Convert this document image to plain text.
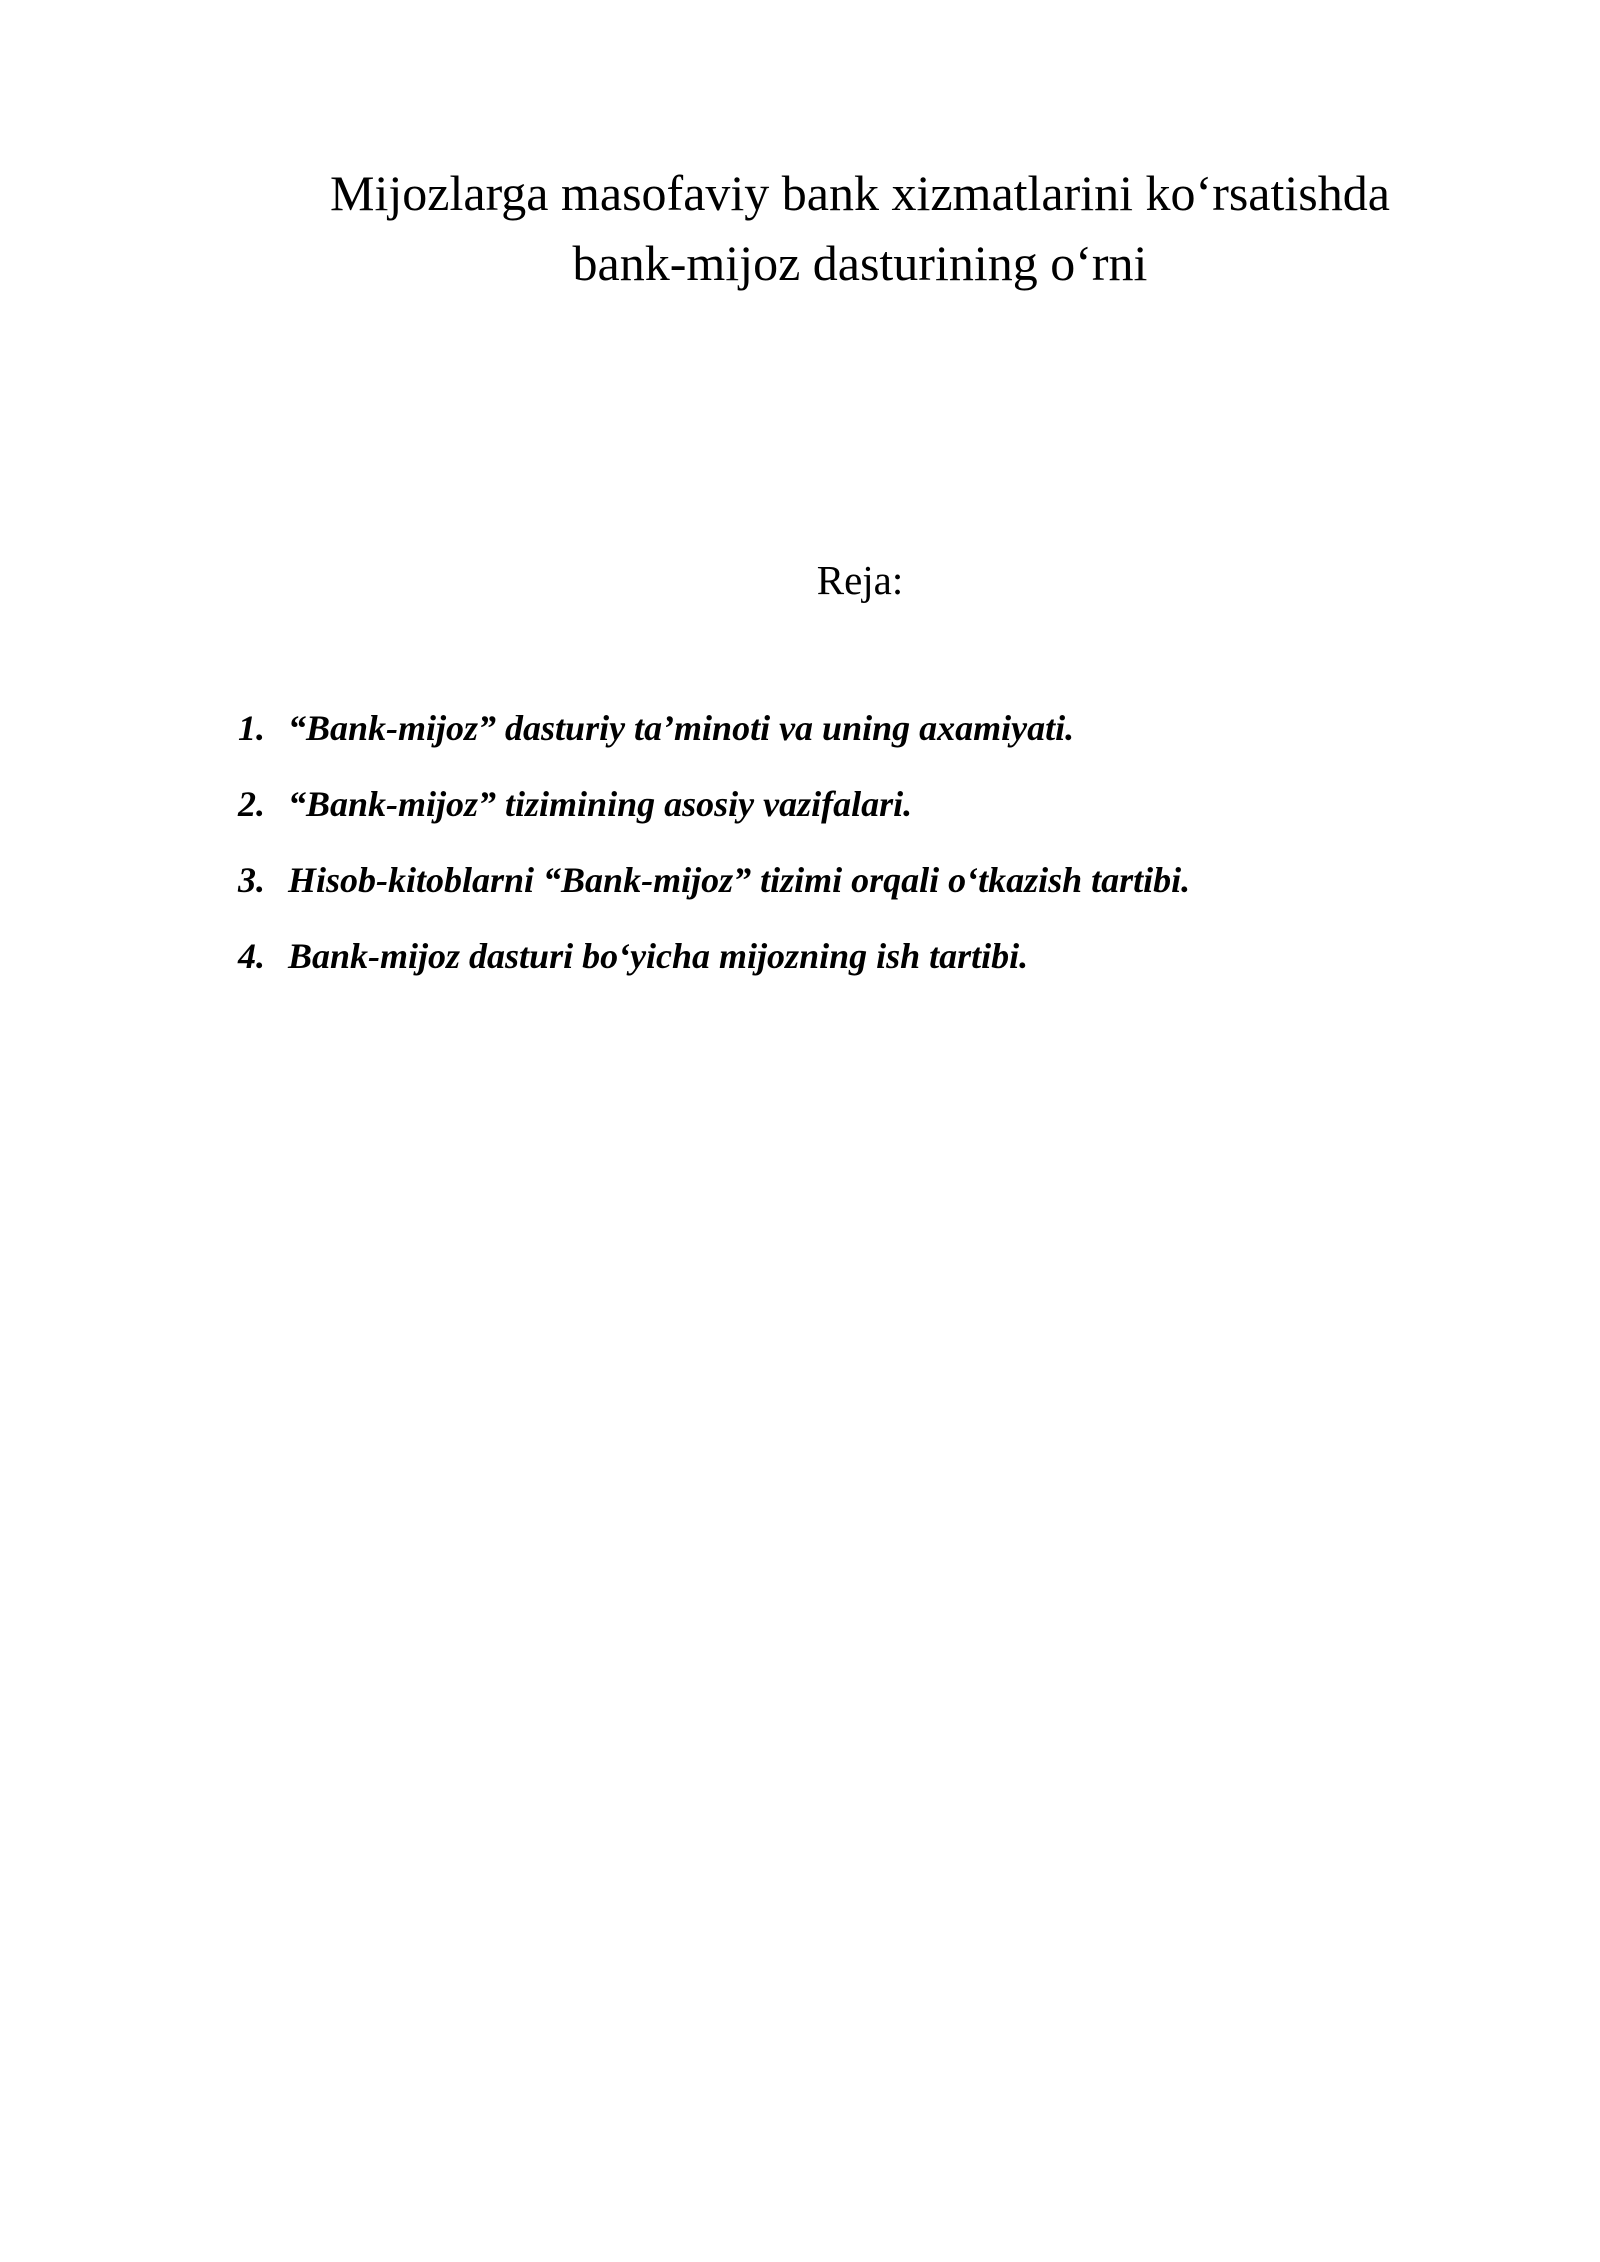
Mijozlarga masofaviy bank xizmatlarini ko‘rsatishda
bank-mijoz dasturining o‘rni
Reja:
1. “Bank-mijoz” dasturiy ta’minoti va uning axamiyati.
2. “Bank-mijoz” tizimining asosiy vazifalari.
3. Hisob-kitoblarni “Bank-mijoz” tizimi orqali o‘tkazish tartibi.
4. Bank-mijoz dasturi bo‘yicha mijozning ish tartibi.
